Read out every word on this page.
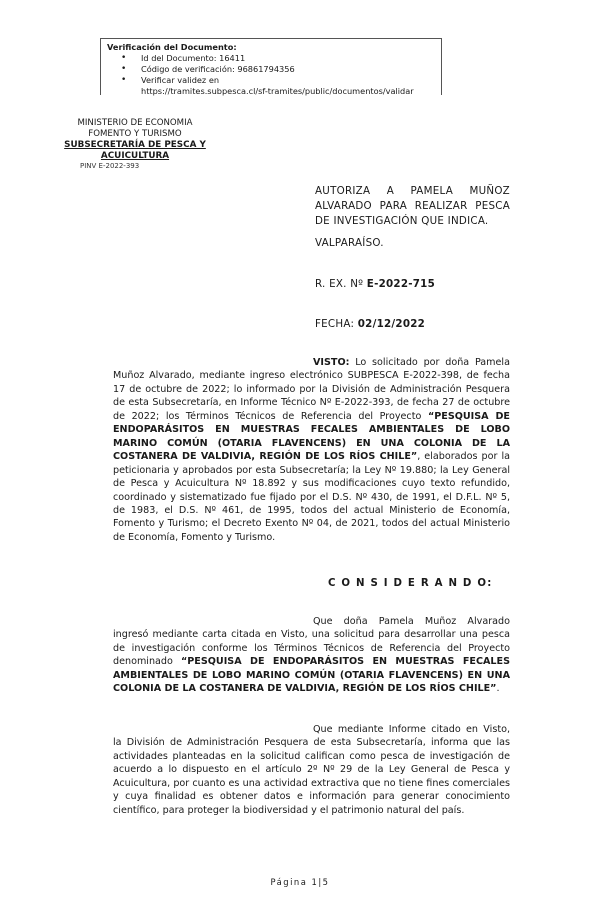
Verificación del Documento:
• Id del Documento: 16411
• Código de verificación: 96861794356
• Verificar validez en
https://tramites.subpesca.cl/sf-tramites/public/documentos/validar
MINISTERIO DE ECONOMIA
FOMENTO Y TURISMO
SUBSECRETARÍA DE PESCA Y
ACUICULTURA
PINV E-2022-393
AUTORIZA A PAMELA MUÑOZ ALVARADO PARA REALIZAR PESCA DE INVESTIGACIÓN QUE INDICA.
VALPARAÍSO.
R. EX. Nº E-2022-715
FECHA: 02/12/2022

VISTO: Lo solicitado por doña Pamela Muñoz Alvarado, mediante ingreso electrónico SUBPESCA E-2022-398, de fecha 17 de octubre de 2022; lo informado por la División de Administración Pesquera de esta Subsecretaría, en Informe Técnico Nº E-2022-393, de fecha 27 de octubre de 2022; los Términos Técnicos de Referencia del Proyecto “PESQUISA DE ENDOPARÁSITOS EN MUESTRAS FECALES AMBIENTALES DE LOBO MARINO COMÚN (OTARIA FLAVENCENS) EN UNA COLONIA DE LA COSTANERA DE VALDIVIA, REGIÓN DE LOS RÍOS CHILE”, elaborados por la peticionaria y aprobados por esta Subsecretaría; la Ley Nº 19.880; la Ley General de Pesca y Acuicultura Nº 18.892 y sus modificaciones cuyo texto refundido, coordinado y sistematizado fue fijado por el D.S. Nº 430, de 1991, el D.F.L. Nº 5, de 1983, el D.S. Nº 461, de 1995, todos del actual Ministerio de Economía, Fomento y Turismo; el Decreto Exento Nº 04, de 2021, todos del actual Ministerio de Economía, Fomento y Turismo.

C O N S I D E R A N D O:

Que doña Pamela Muñoz Alvarado ingresó mediante carta citada en Visto, una solicitud para desarrollar una pesca de investigación conforme los Términos Técnicos de Referencia del Proyecto denominado “PESQUISA DE ENDOPARÁSITOS EN MUESTRAS FECALES AMBIENTALES DE LOBO MARINO COMÚN (OTARIA FLAVENCENS) EN UNA COLONIA DE LA COSTANERA DE VALDIVIA, REGIÓN DE LOS RÍOS CHILE”.

Que mediante Informe citado en Visto, la División de Administración Pesquera de esta Subsecretaría, informa que las actividades planteadas en la solicitud califican como pesca de investigación de acuerdo a lo dispuesto en el artículo 2º Nº 29 de la Ley General de Pesca y Acuicultura, por cuanto es una actividad extractiva que no tiene fines comerciales y cuya finalidad es obtener datos e información para generar conocimiento científico, para proteger la biodiversidad y el patrimonio natural del país.

Página 1|5
